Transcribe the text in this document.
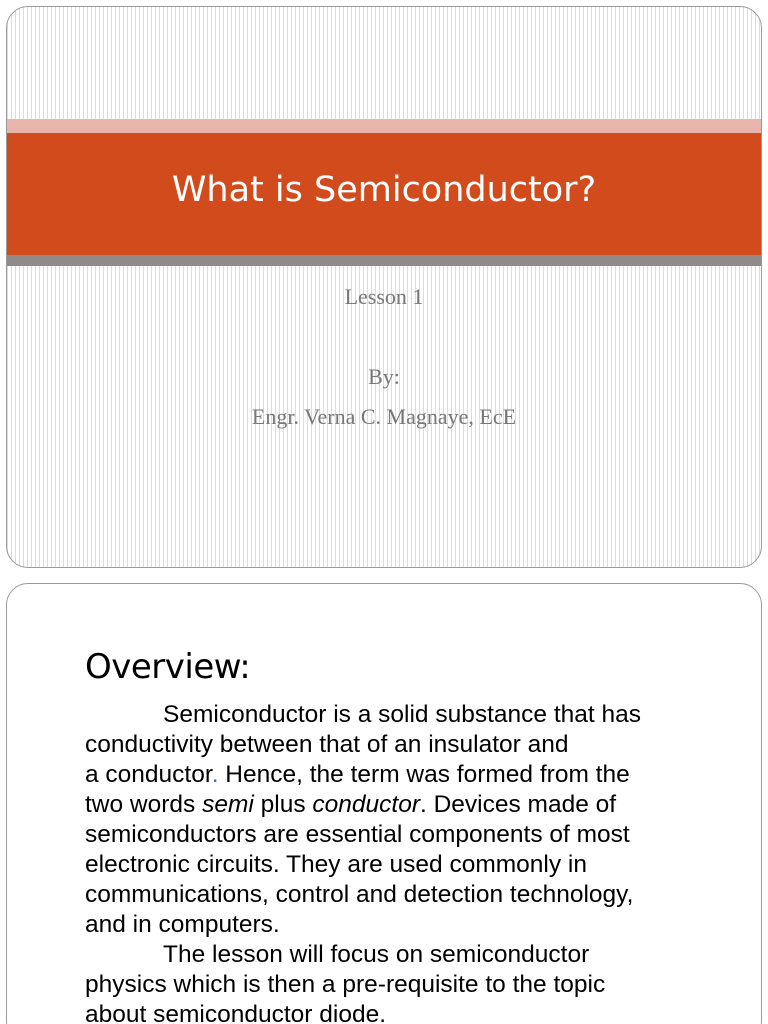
What is Semiconductor?
Lesson 1
By:
Engr. Verna C. Magnaye, EcE
Overview:
Semiconductor is a solid substance that has
conductivity between that of an insulator and
a conductor. Hence, the term was formed from the
two words semi plus conductor. Devices made of
semiconductors are essential components of most
electronic circuits. They are used commonly in
communications, control and detection technology,
and in computers.
The lesson will focus on semiconductor
physics which is then a pre-requisite to the topic
about semiconductor diode.
